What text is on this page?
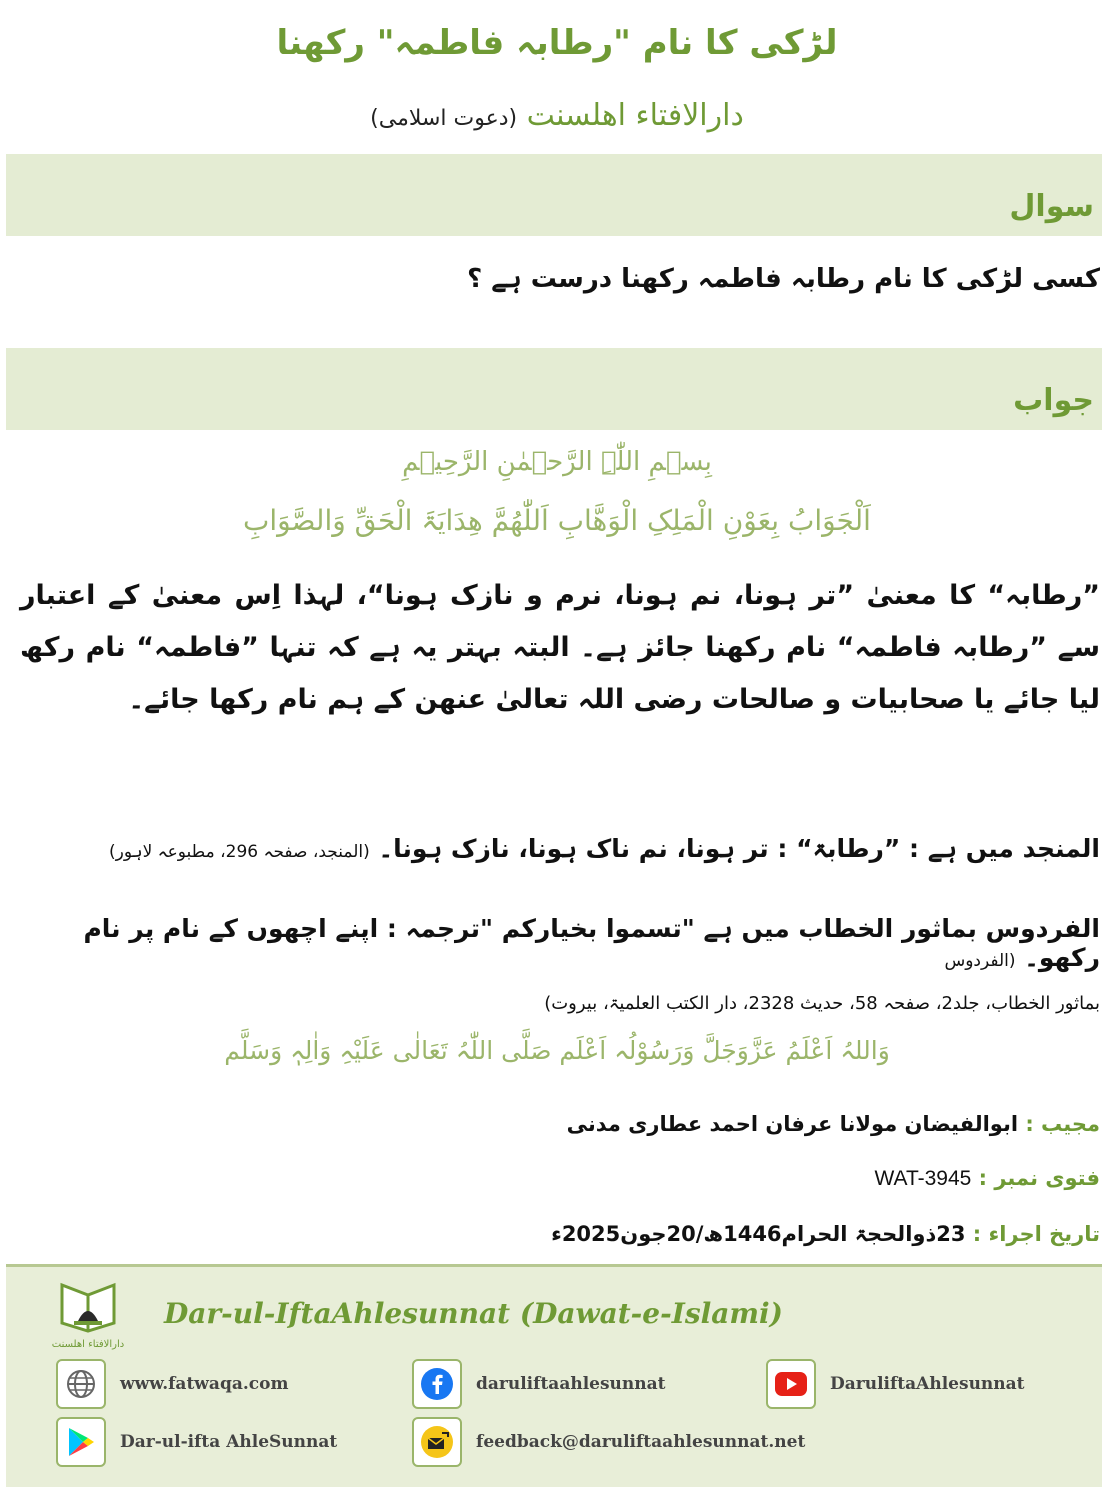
لڑکی کا نام "رطابہ فاطمہ" رکھنا
دارالافتاء اھلسنت (دعوت اسلامی)
سوال
کسی لڑکی کا نام رطابہ فاطمہ رکھنا درست ہے ؟
جواب
بِسۡمِ اللّٰہِ الرَّحۡمٰنِ الرَّحِیۡمِ
اَلْجَوَابُ بِعَوْنِ الْمَلِکِ الْوَھَّابِ اَللّٰھُمَّ ھِدَایَۃَ الْحَقِّ وَالصَّوَابِ
”رطابہ“ کا معنیٰ ”تر ہونا، نم ہونا، نرم و نازک ہونا“، لہذا اِس معنیٰ کے اعتبار سے ”رطابہ فاطمہ“ نام رکھنا جائز ہے۔ البتہ بہتر یہ ہے کہ تنہا ”فاطمہ“ نام رکھ لیا جائے یا صحابیات و صالحات رضی اللہ تعالیٰ عنھن کے ہم نام رکھا جائے۔
المنجد میں ہے : ”رطابۃ“ : تر ہونا، نم ناک ہونا، نازک ہونا۔ (المنجد، صفحہ 296، مطبوعہ لاہور)
الفردوس بماثور الخطاب میں ہے "تسموا بخیارکم "ترجمہ : اپنے اچھوں کے نام پر نام رکھو۔ (الفردوس
بماثور الخطاب، جلد2، صفحہ 58، حدیث 2328، دار الکتب العلمیۃ، بیروت)
وَاللہُ اَعْلَمُ عَزَّوَجَلَّ وَرَسُوْلُہ اَعْلَم صَلَّی اللّٰہُ تَعَالٰی عَلَیْہِ وَاٰلِہٖ وَسَلَّم
مجیب : ابوالفیضان مولانا عرفان احمد عطاری مدنی
فتوی نمبر : WAT-3945
تاریخ اجراء : 23ذوالحجۃ الحرام1446ھ/20جون2025ء
دارالافتاء اھلسنت
Dar-ul-IftaAhlesunnat (Dawat-e-Islami)
www.fatwaqa.com	daruliftaahlesunnat	DaruliftaAhlesunnat
Dar-ul-ifta AhleSunnat	feedback@daruliftaahlesunnat.net
